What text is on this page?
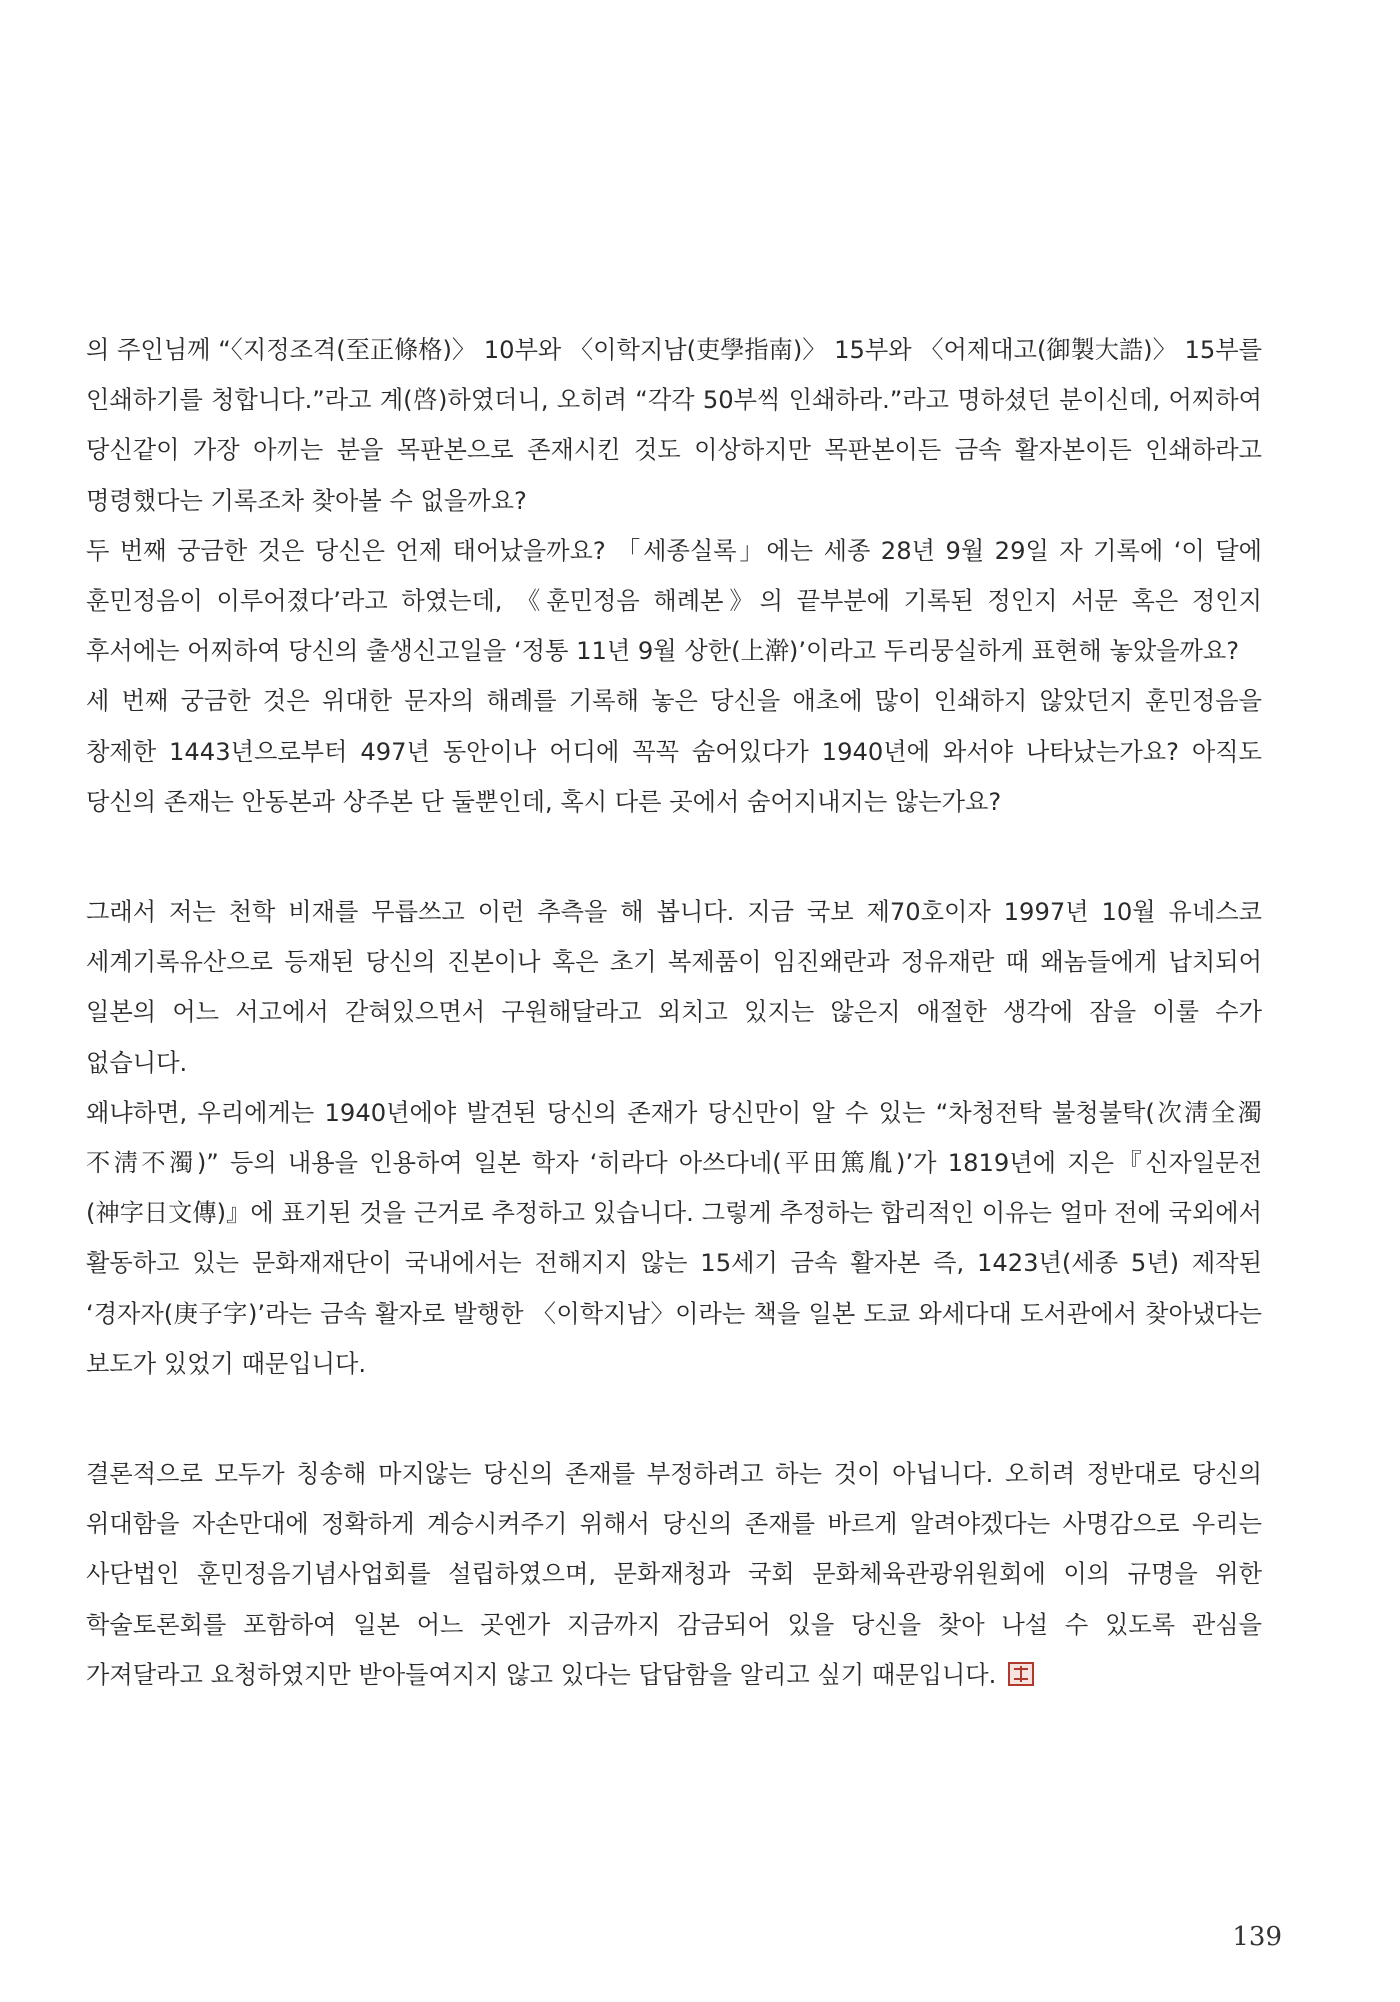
의 주인님께 “〈지정조격(至正條格)〉 10부와 〈이학지남(吏學指南)〉 15부와 〈어제대고(御製大誥)〉 15부를 인쇄하기를 청합니다.”라고 계(啓)하였더니, 오히려 “각각 50부씩 인쇄하라.”라고 명하셨던 분이신데, 어찌하여 당신같이 가장 아끼는 분을 목판본으로 존재시킨 것도 이상하지만 목판본이든 금속 활자본이든 인쇄하라고 명령했다는 기록조차 찾아볼 수 없을까요?

두 번째 궁금한 것은 당신은 언제 태어났을까요? 「세종실록」에는 세종 28년 9월 29일 자 기록에 ‘이 달에 훈민정음이 이루어졌다’라고 하였는데, 《훈민정음 해례본》의 끝부분에 기록된 정인지 서문 혹은 정인지 후서에는 어찌하여 당신의 출생신고일을 ‘정통 11년 9월 상한(上澣)’이라고 두리뭉실하게 표현해 놓았을까요?

세 번째 궁금한 것은 위대한 문자의 해례를 기록해 놓은 당신을 애초에 많이 인쇄하지 않았던지 훈민정음을 창제한 1443년으로부터 497년 동안이나 어디에 꼭꼭 숨어있다가 1940년에 와서야 나타났는가요? 아직도 당신의 존재는 안동본과 상주본 단 둘뿐인데, 혹시 다른 곳에서 숨어지내지는 않는가요?

그래서 저는 천학 비재를 무릅쓰고 이런 추측을 해 봅니다. 지금 국보 제70호이자 1997년 10월 유네스코 세계기록유산으로 등재된 당신의 진본이나 혹은 초기 복제품이 임진왜란과 정유재란 때 왜놈들에게 납치되어 일본의 어느 서고에서 갇혀있으면서 구원해달라고 외치고 있지는 않은지 애절한 생각에 잠을 이룰 수가 없습니다.

왜냐하면, 우리에게는 1940년에야 발견된 당신의 존재가 당신만이 알 수 있는 “차청전탁 불청불탁(次淸全濁 不淸不濁)” 등의 내용을 인용하여 일본 학자 ‘히라다 아쓰다네(平田篤胤)’가 1819년에 지은『신자일문전(神字日文傳)』에 표기된 것을 근거로 추정하고 있습니다. 그렇게 추정하는 합리적인 이유는 얼마 전에 국외에서 활동하고 있는 문화재재단이 국내에서는 전해지지 않는 15세기 금속 활자본 즉, 1423년(세종 5년) 제작된 ‘경자자(庚子字)’라는 금속 활자로 발행한 〈이학지남〉이라는 책을 일본 도쿄 와세다대 도서관에서 찾아냈다는 보도가 있었기 때문입니다.

결론적으로 모두가 칭송해 마지않는 당신의 존재를 부정하려고 하는 것이 아닙니다. 오히려 정반대로 당신의 위대함을 자손만대에 정확하게 계승시켜주기 위해서 당신의 존재를 바르게 알려야겠다는 사명감으로 우리는 사단법인 훈민정음기념사업회를 설립하였으며, 문화재청과 국회 문화체육관광위원회에 이의 규명을 위한 학술토론회를 포함하여 일본 어느 곳엔가 지금까지 감금되어 있을 당신을 찾아 나설 수 있도록 관심을 가져달라고 요청하였지만 받아들여지지 않고 있다는 답답함을 알리고 싶기 때문입니다.

139
